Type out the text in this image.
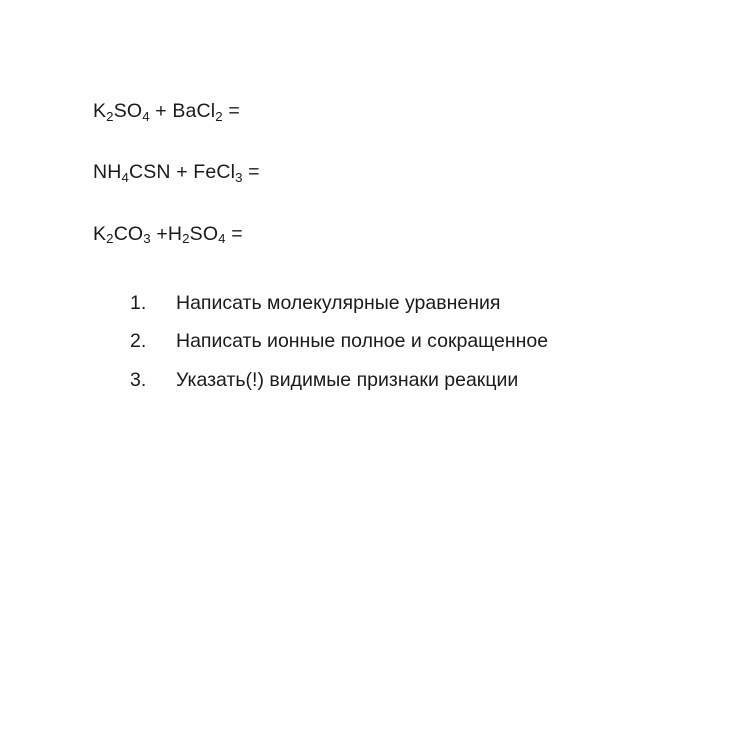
$K_2SO_4$ + BaCl$_2$ =
$NH_4CSN$ + FeCl$_3$ =
$K_2CO_3 +H_2SO_4$ =
1.	Написать молекулярные уравнения
2.	Написать ионные полное и сокращенное
3.	Указать(!) видимые признаки реакции
